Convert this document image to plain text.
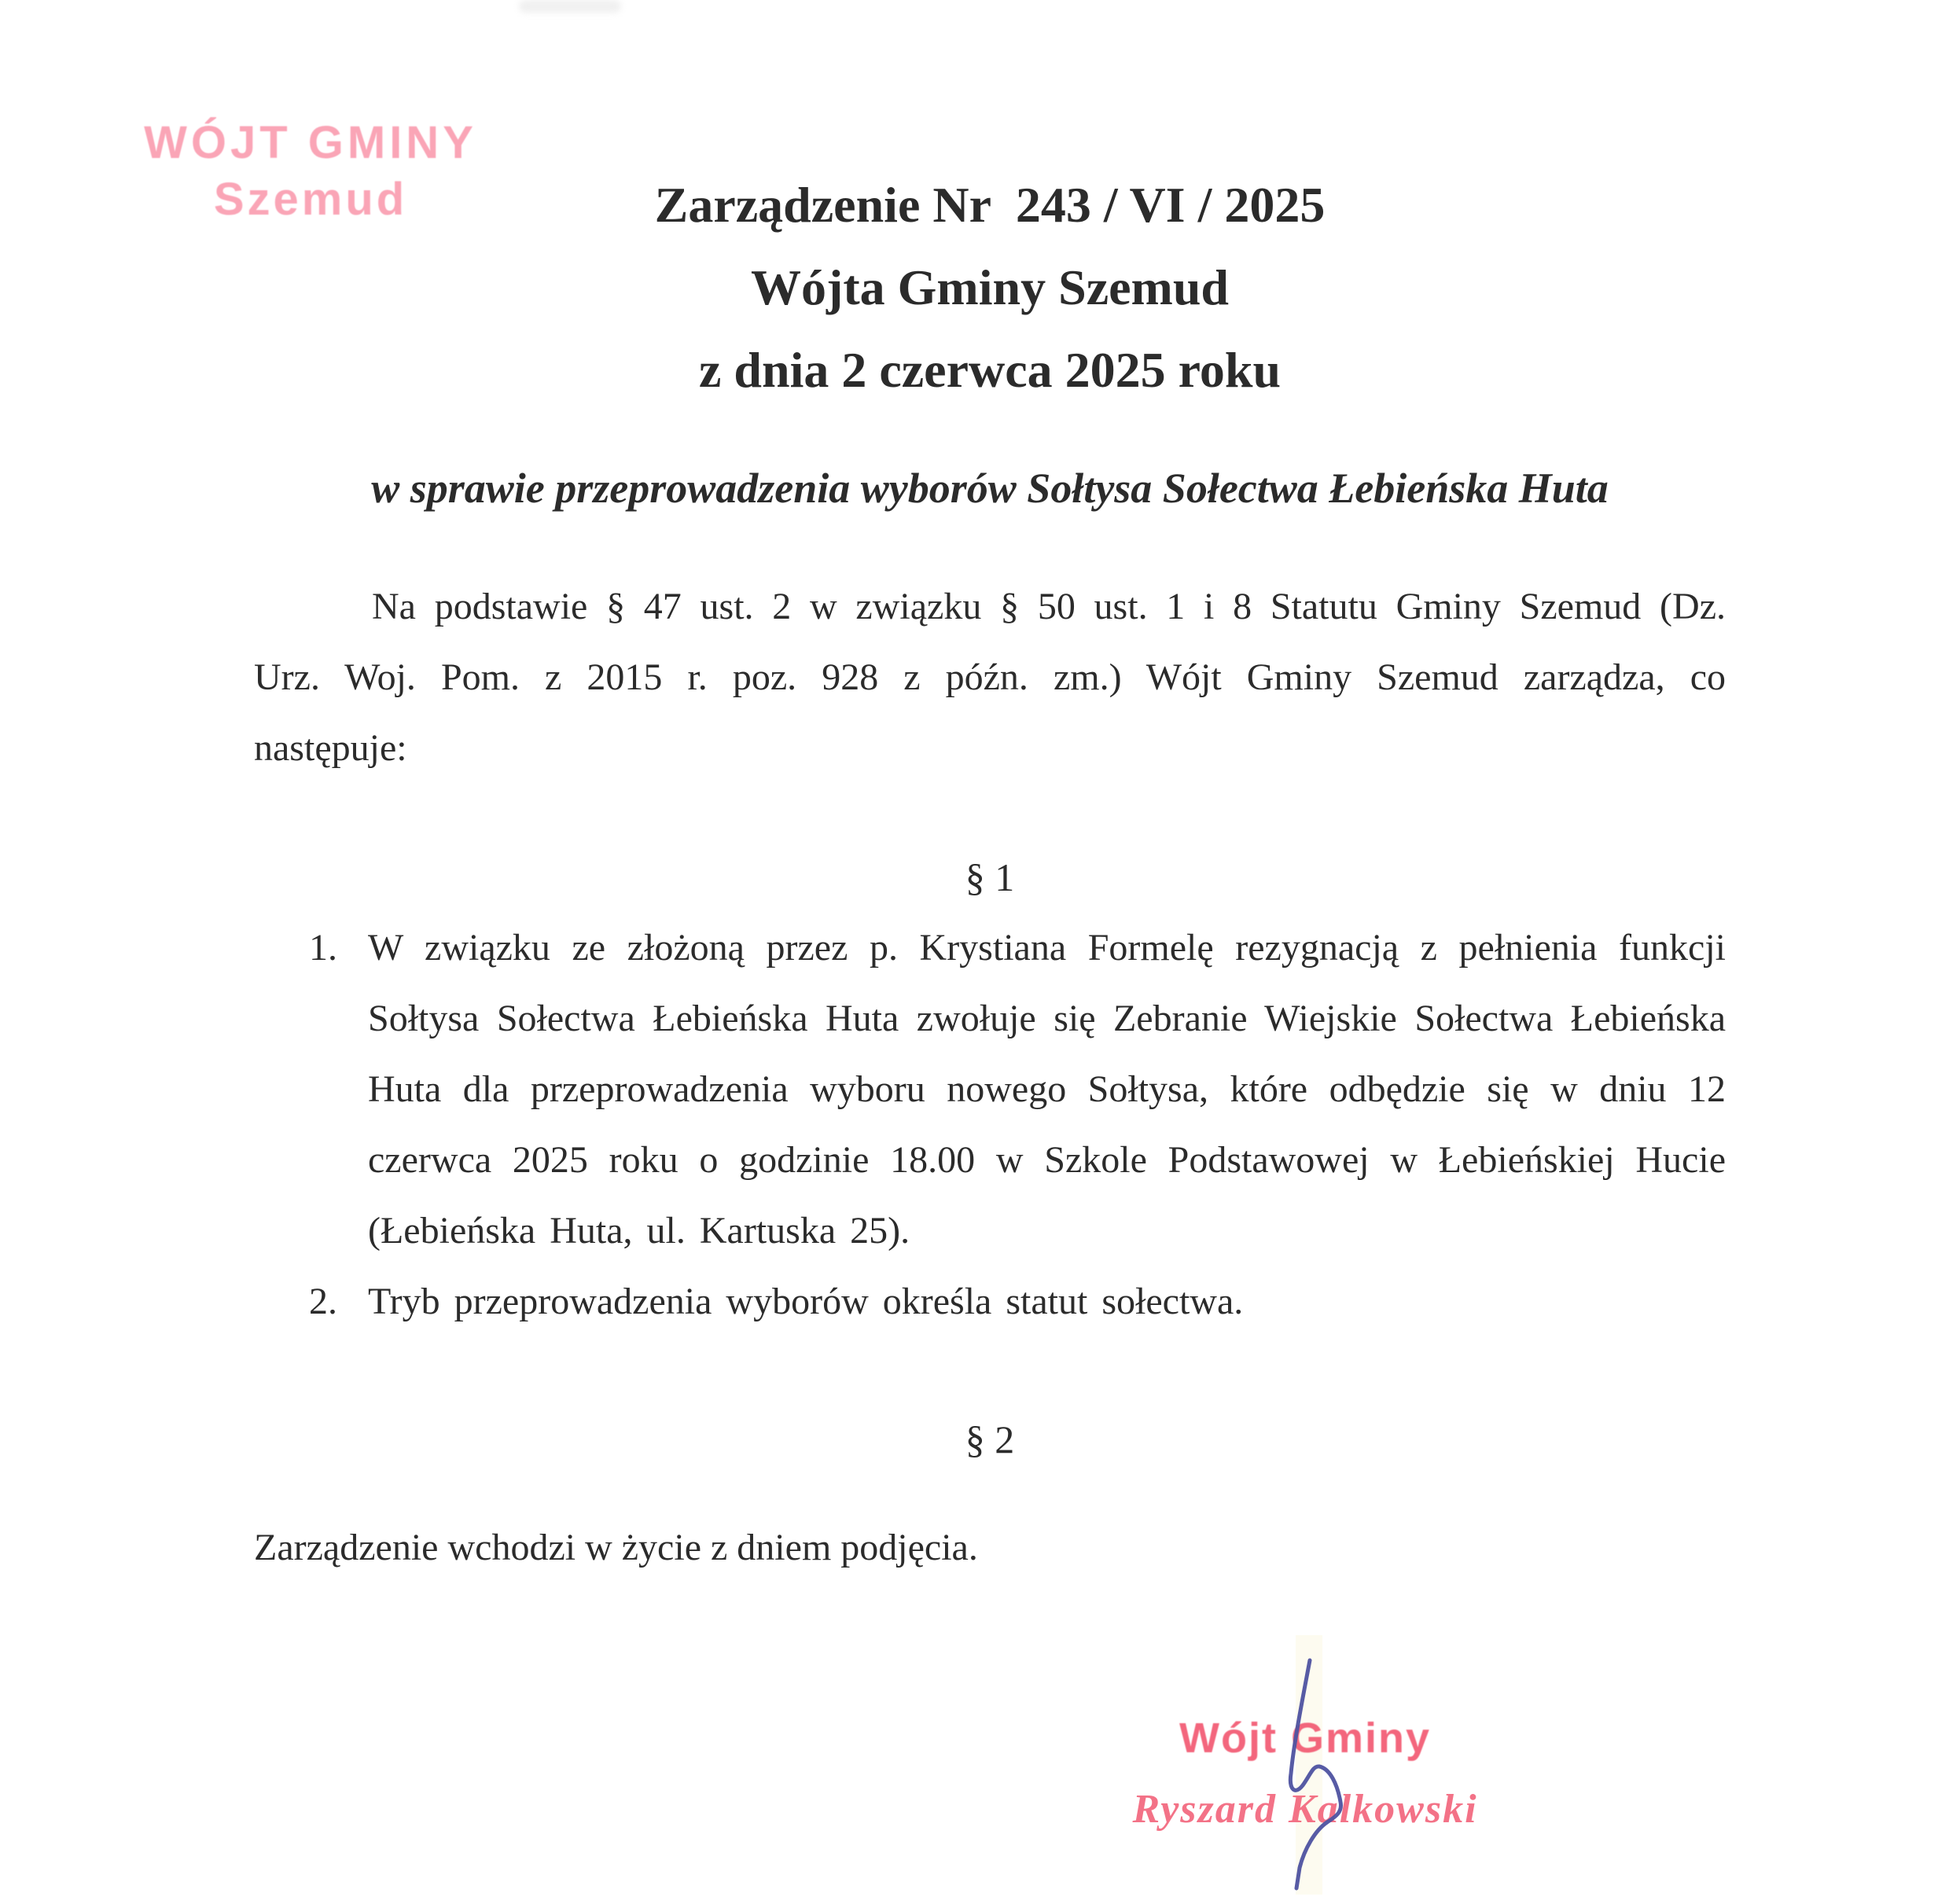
WÓJT GMINY
Szemud	Zarządzenie Nr  243 / VI / 2025
Wójta Gminy Szemud
z dnia 2 czerwca 2025 roku
w sprawie przeprowadzenia wyborów Sołtysa Sołectwa Łebieńska Huta

Na podstawie § 47 ust. 2 w związku § 50 ust. 1 i 8 Statutu Gminy Szemud (Dz. Urz. Woj. Pom. z 2015 r. poz. 928 z późn. zm.) Wójt Gminy Szemud zarządza, co następuje:

§ 1
1. W związku ze złożoną przez p. Krystiana Formelę rezygnacją z pełnienia funkcji Sołtysa Sołectwa Łebieńska Huta zwołuje się Zebranie Wiejskie Sołectwa Łebieńska Huta dla przeprowadzenia wyboru nowego Sołtysa, które odbędzie się w dniu 12 czerwca 2025 roku o godzinie 18.00 w Szkole Podstawowej w Łebieńskiej Hucie (Łebieńska Huta, ul. Kartuska 25).
2. Tryb przeprowadzenia wyborów określa statut sołectwa.
§ 2

Zarządzenie wchodzi w życie z dniem podjęcia.

Wójt Gminy
Ryszard Kalkowski
